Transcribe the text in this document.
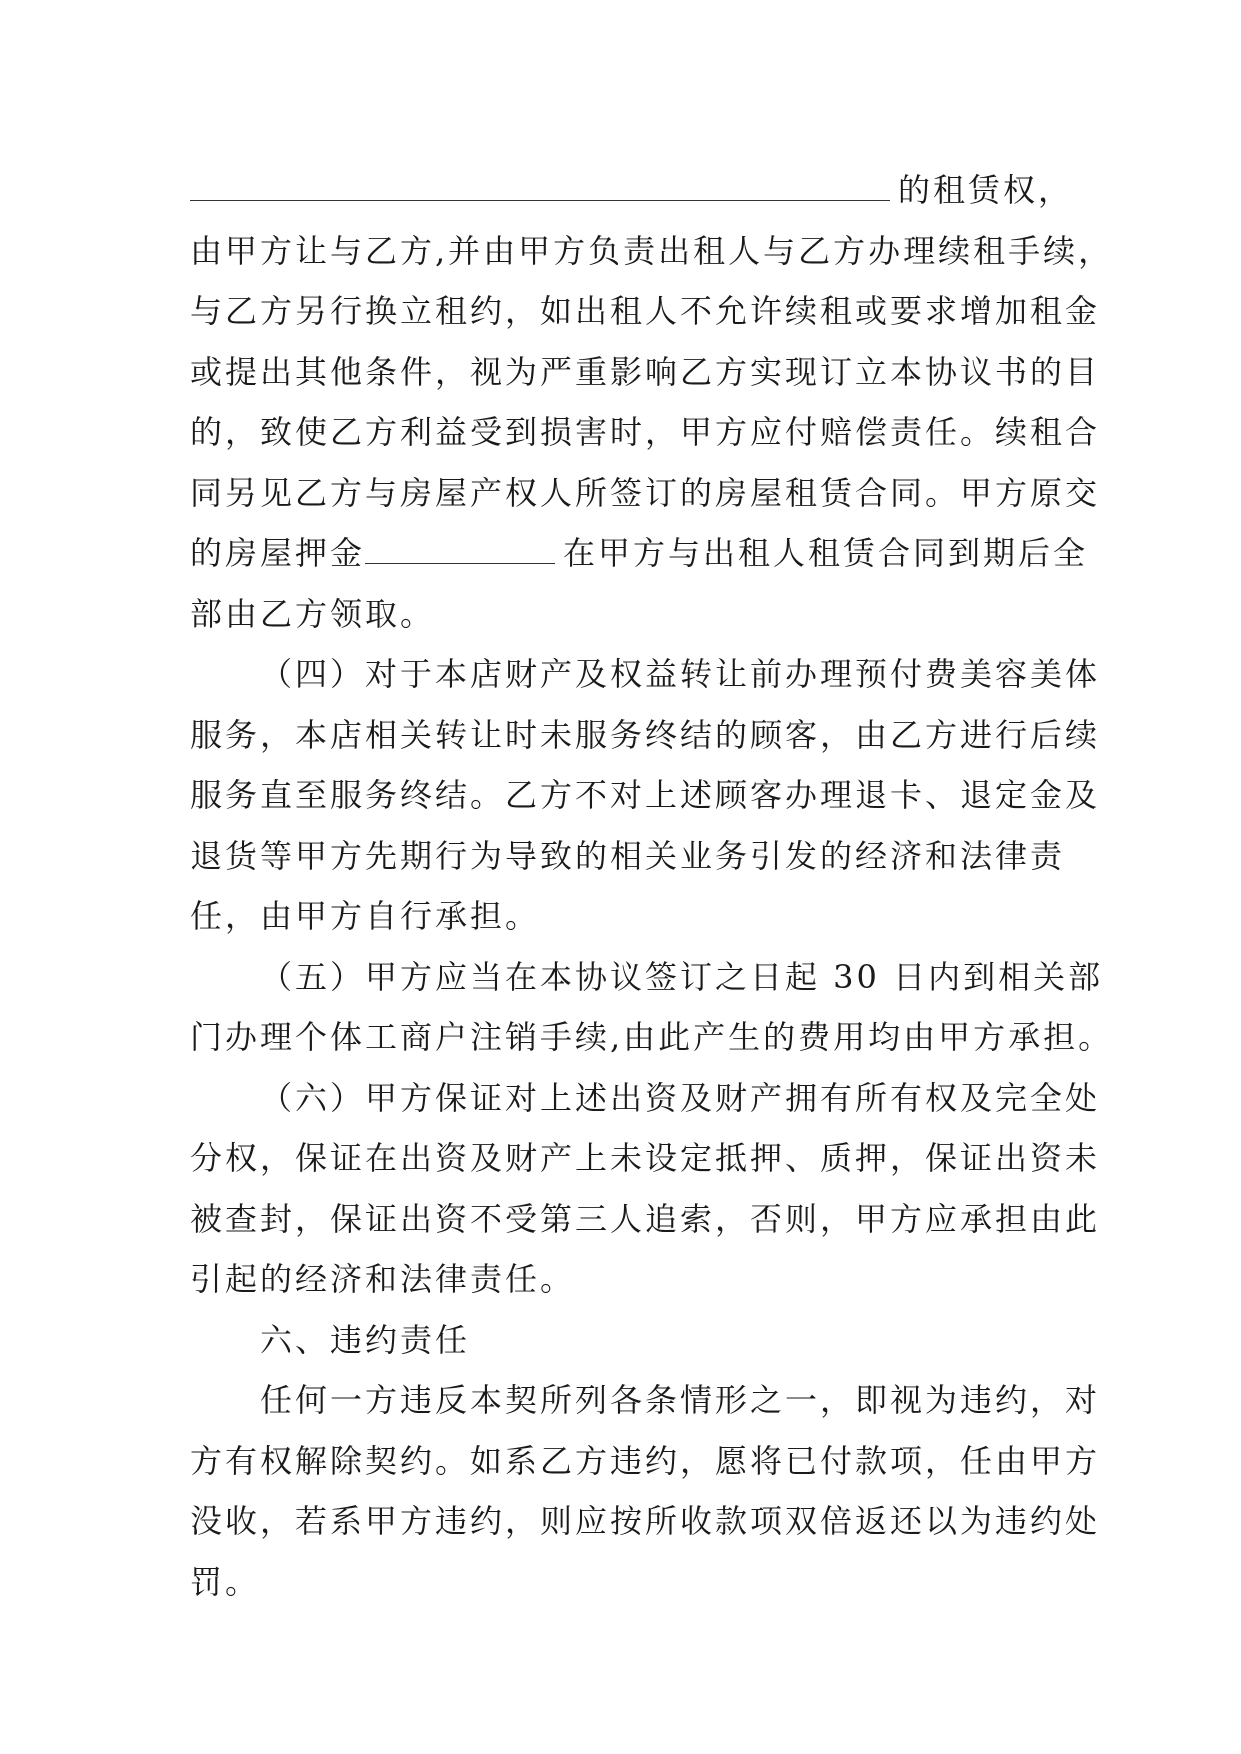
的租赁权，
由甲方让与乙方,并由甲方负责出租人与乙方办理续租手续，
与乙方另行换立租约，如出租人不允许续租或要求增加租金
或提出其他条件，视为严重影响乙方实现订立本协议书的目
的，致使乙方利益受到损害时，甲方应付赔偿责任。续租合
同另见乙方与房屋产权人所签订的房屋租赁合同。甲方原交
的房屋押金	在甲方与出租人租赁合同到期后全
部由乙方领取。
（四）对于本店财产及权益转让前办理预付费美容美体
服务，本店相关转让时未服务终结的顾客，由乙方进行后续
服务直至服务终结。乙方不对上述顾客办理退卡、退定金及
退货等甲方先期行为导致的相关业务引发的经济和法律责
任，由甲方自行承担。
（五）甲方应当在本协议签订之日起 30 日内到相关部
门办理个体工商户注销手续,由此产生的费用均由甲方承担。
（六）甲方保证对上述出资及财产拥有所有权及完全处
分权，保证在出资及财产上未设定抵押、质押，保证出资未
被查封，保证出资不受第三人追索，否则，甲方应承担由此
引起的经济和法律责任。
六、违约责任
任何一方违反本契所列各条情形之一，即视为违约，对
方有权解除契约。如系乙方违约，愿将已付款项，任由甲方
没收，若系甲方违约，则应按所收款项双倍返还以为违约处
罚。
